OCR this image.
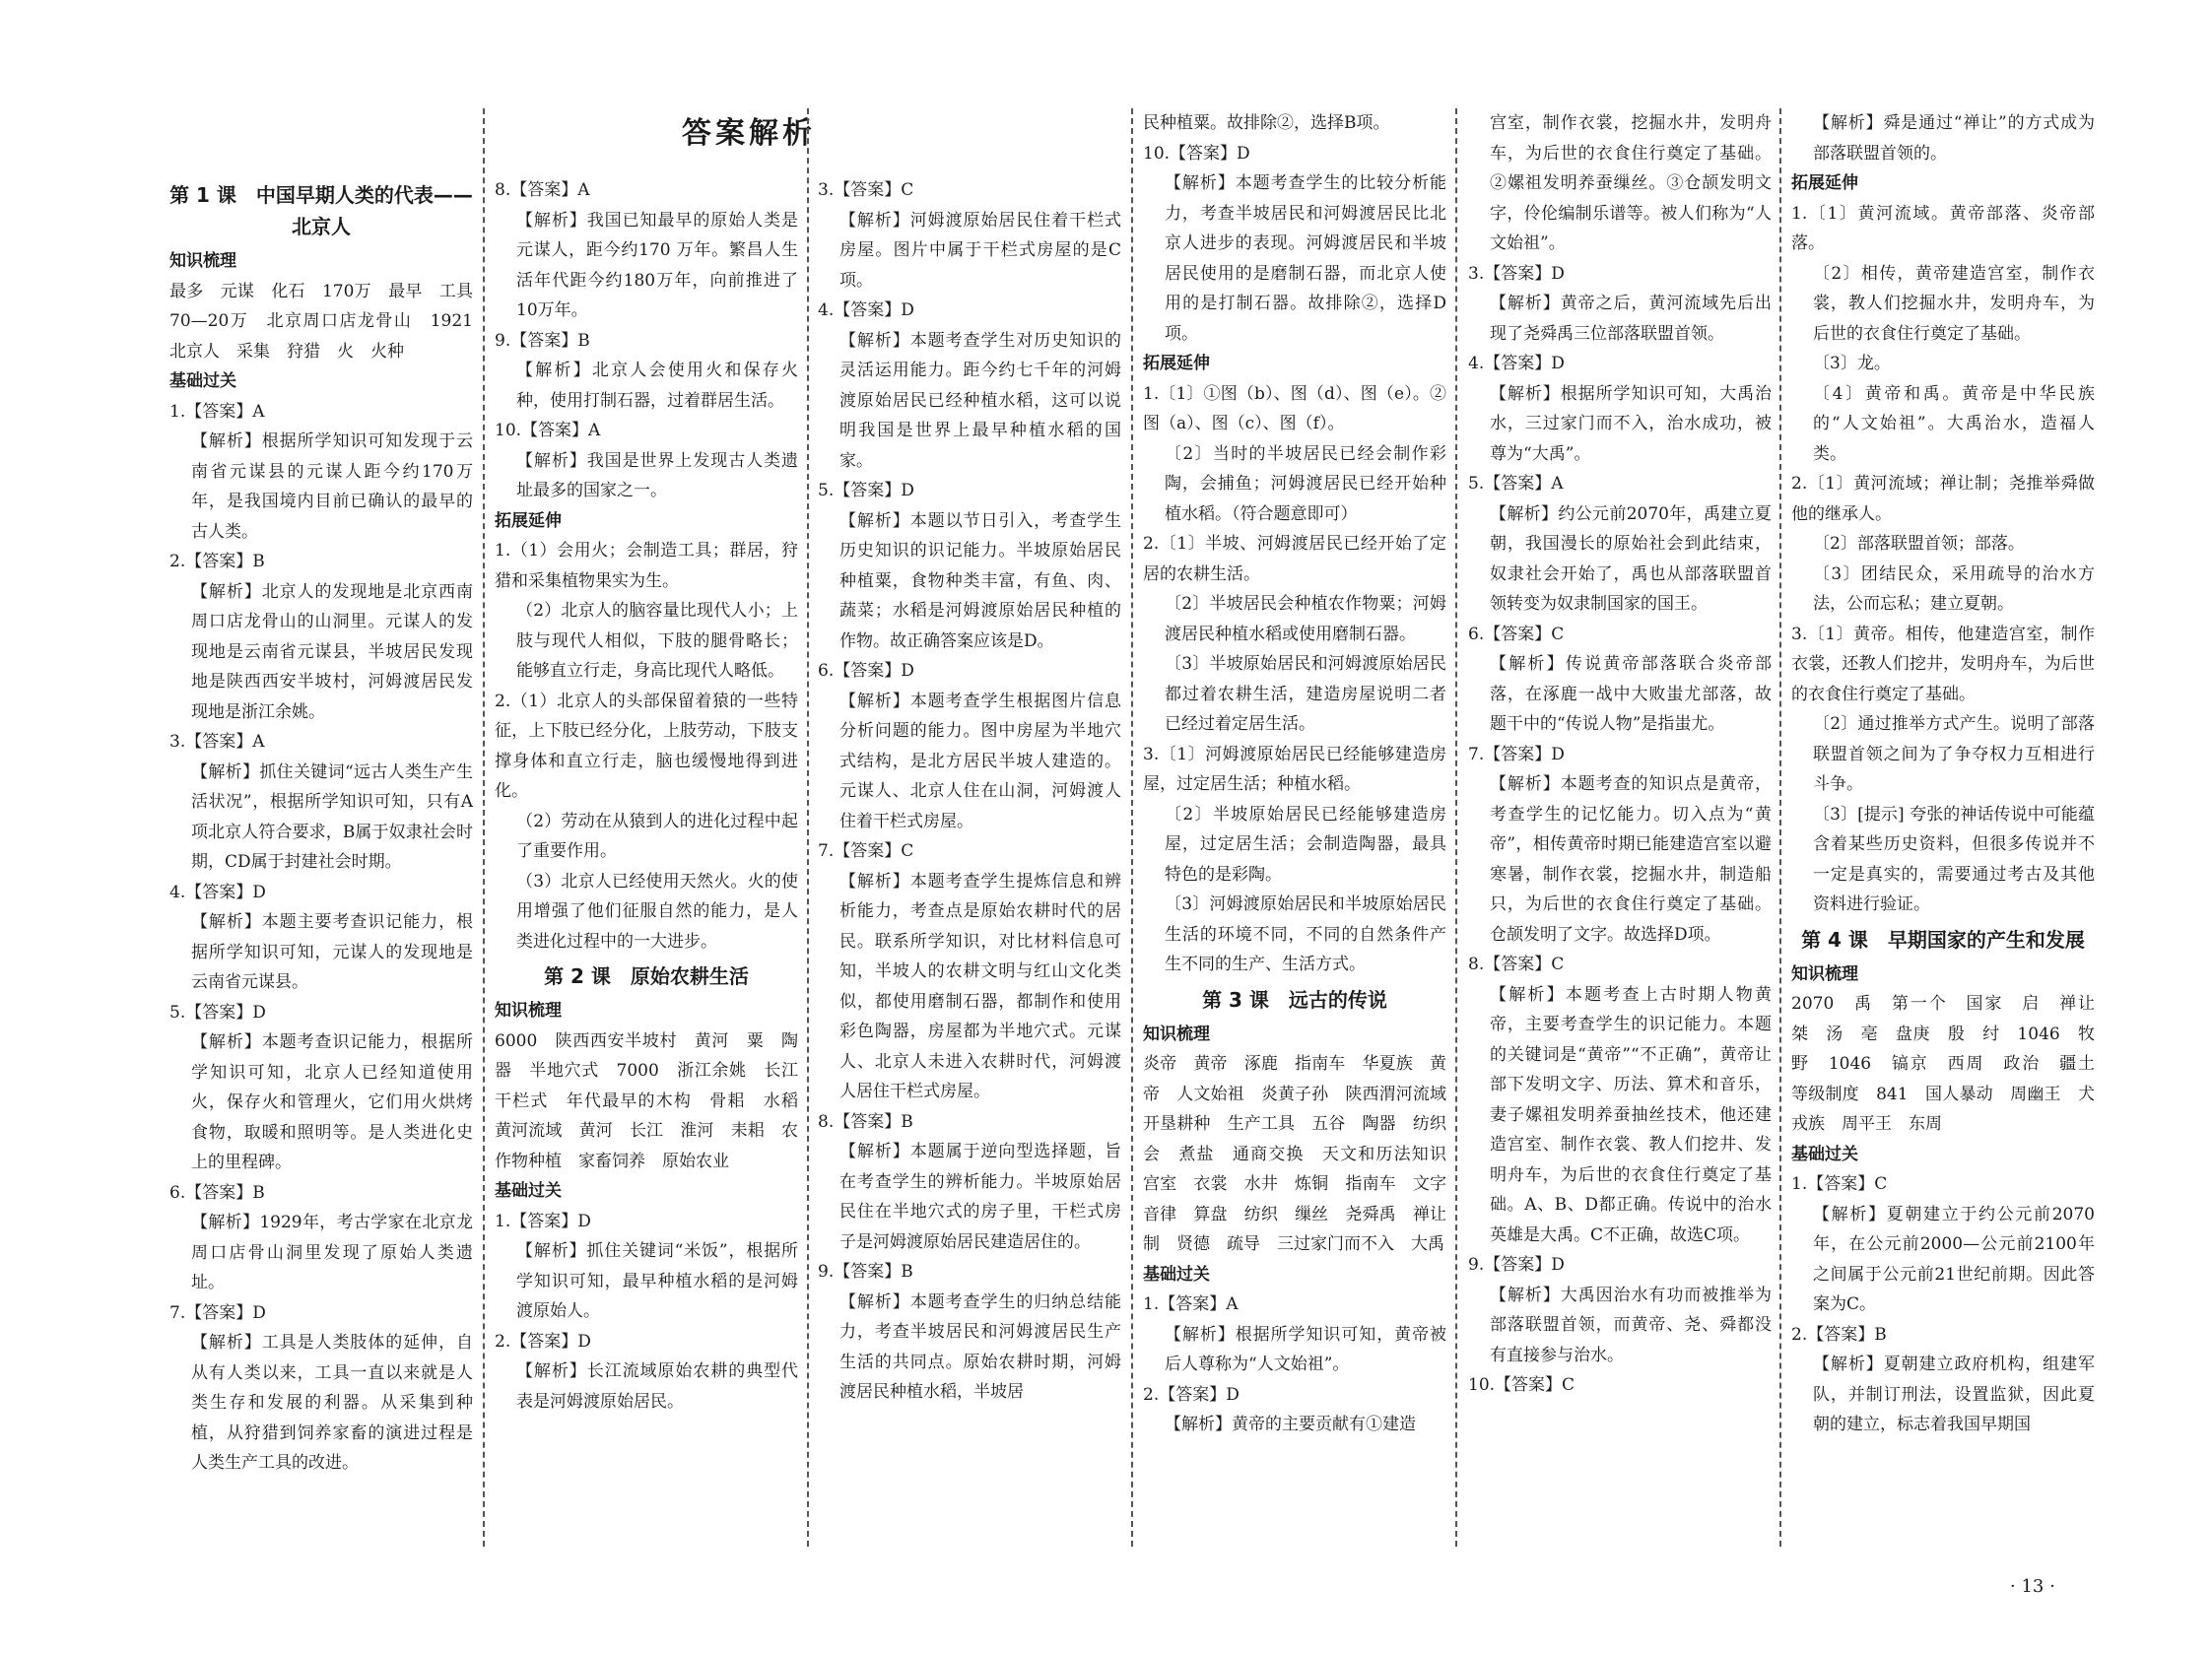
答案解析

第 1 课　中国早期人类的代表——北京人

知识梳理

最多　元谋　化石　170万　最早　工具　70—20万　北京周口店龙骨山　1921　北京人　采集　狩猎　火　火种

基础过关

1.【答案】A

【解析】根据所学知识可知发现于云南省元谋县的元谋人距今约170万年，是我国境内目前已确认的最早的古人类。

2.【答案】B

【解析】北京人的发现地是北京西南周口店龙骨山的山洞里。元谋人的发现地是云南省元谋县，半坡居民发现地是陕西西安半坡村，河姆渡居民发现地是浙江余姚。

3.【答案】A

【解析】抓住关键词“远古人类生产生活状况”，根据所学知识可知，只有A项北京人符合要求，B属于奴隶社会时期，CD属于封建社会时期。

4.【答案】D

【解析】本题主要考查识记能力，根据所学知识可知，元谋人的发现地是云南省元谋县。

5.【答案】D

【解析】本题考查识记能力，根据所学知识可知，北京人已经知道使用火，保存火和管理火，它们用火烘烤食物，取暖和照明等。是人类进化史上的里程碑。

6.【答案】B

【解析】1929年，考古学家在北京龙周口店骨山洞里发现了原始人类遗址。

7.【答案】D

【解析】工具是人类肢体的延伸，自从有人类以来，工具一直以来就是人类生存和发展的利器。从采集到种植，从狩猎到饲养家畜的演进过程是人类生产工具的改进。

8.【答案】A

【解析】我国已知最早的原始人类是元谋人，距今约170 万年。繁昌人生活年代距今约180万年，向前推进了10万年。

9.【答案】B

【解析】北京人会使用火和保存火种，使用打制石器，过着群居生活。

10.【答案】A

【解析】我国是世界上发现古人类遗址最多的国家之一。

拓展延伸

1.（1）会用火；会制造工具；群居，狩猎和采集植物果实为生。

（2）北京人的脑容量比现代人小；上肢与现代人相似，下肢的腿骨略长；能够直立行走，身高比现代人略低。

2.（1）北京人的头部保留着猿的一些特征，上下肢已经分化，上肢劳动，下肢支撑身体和直立行走，脑也缓慢地得到进化。

（2）劳动在从猿到人的进化过程中起了重要作用。

（3）北京人已经使用天然火。火的使用增强了他们征服自然的能力，是人类进化过程中的一大进步。

第 2 课　原始农耕生活

知识梳理

6000　陕西西安半坡村　黄河　粟　陶器　半地穴式　7000　浙江余姚　长江　干栏式　年代最早的木构　骨耜　水稻　黄河流域　黄河　长江　淮河　耒耜　农作物种植　家畜饲养　原始农业

基础过关

1.【答案】D

【解析】抓住关键词“米饭”，根据所学知识可知，最早种植水稻的是河姆渡原始人。

2.【答案】D

【解析】长江流域原始农耕的典型代表是河姆渡原始居民。

3.【答案】C

【解析】河姆渡原始居民住着干栏式房屋。图片中属于干栏式房屋的是C项。

4.【答案】D

【解析】本题考查学生对历史知识的灵活运用能力。距今约七千年的河姆渡原始居民已经种植水稻，这可以说明我国是世界上最早种植水稻的国家。

5.【答案】D

【解析】本题以节日引入，考查学生历史知识的识记能力。半坡原始居民种植粟，食物种类丰富，有鱼、肉、蔬菜；水稻是河姆渡原始居民种植的作物。故正确答案应该是D。

6.【答案】D

【解析】本题考查学生根据图片信息分析问题的能力。图中房屋为半地穴式结构，是北方居民半坡人建造的。元谋人、北京人住在山洞，河姆渡人住着干栏式房屋。

7.【答案】C

【解析】本题考查学生提炼信息和辨析能力，考查点是原始农耕时代的居民。联系所学知识，对比材料信息可知，半坡人的农耕文明与红山文化类似，都使用磨制石器，都制作和使用彩色陶器，房屋都为半地穴式。元谋人、北京人未进入农耕时代，河姆渡人居住干栏式房屋。

8.【答案】B

【解析】本题属于逆向型选择题，旨在考查学生的辨析能力。半坡原始居民住在半地穴式的房子里，干栏式房子是河姆渡原始居民建造居住的。

9.【答案】B

【解析】本题考查学生的归纳总结能力，考查半坡居民和河姆渡居民生产生活的共同点。原始农耕时期，河姆渡居民种植水稻，半坡居

民种植粟。故排除②，选择B项。

10.【答案】D

【解析】本题考查学生的比较分析能力，考查半坡居民和河姆渡居民比北京人进步的表现。河姆渡居民和半坡居民使用的是磨制石器，而北京人使用的是打制石器。故排除②，选择D项。

拓展延伸

1.〔1〕①图（b）、图（d）、图（e）。②图（a）、图（c）、图（f）。

〔2〕当时的半坡居民已经会制作彩陶，会捕鱼；河姆渡居民已经开始种植水稻。（符合题意即可）

2.〔1〕半坡、河姆渡居民已经开始了定居的农耕生活。

〔2〕半坡居民会种植农作物粟；河姆渡居民种植水稻或使用磨制石器。

〔3〕半坡原始居民和河姆渡原始居民都过着农耕生活，建造房屋说明二者已经过着定居生活。

3.〔1〕河姆渡原始居民已经能够建造房屋，过定居生活；种植水稻。

〔2〕半坡原始居民已经能够建造房屋，过定居生活；会制造陶器，最具特色的是彩陶。

〔3〕河姆渡原始居民和半坡原始居民生活的环境不同，不同的自然条件产生不同的生产、生活方式。

第 3 课　远古的传说

知识梳理

炎帝　黄帝　涿鹿　指南车　华夏族　黄帝　人文始祖　炎黄子孙　陕西渭河流域　开垦耕种　生产工具　五谷　陶器　纺织　会　煮盐　通商交换　天文和历法知识　宫室　衣裳　水井　炼铜　指南车　文字　音律　算盘　纺织　缫丝　尧舜禹　禅让制　贤德　疏导　三过家门而不入　大禹

基础过关

1.【答案】A

【解析】根据所学知识可知，黄帝被后人尊称为“人文始祖”。

2.【答案】D

【解析】黄帝的主要贡献有①建造

宫室，制作衣裳，挖掘水井，发明舟车，为后世的衣食住行奠定了基础。②嫘祖发明养蚕缫丝。③仓颉发明文字，伶伦编制乐谱等。被人们称为“人文始祖”。

3.【答案】D

【解析】黄帝之后，黄河流域先后出现了尧舜禹三位部落联盟首领。

4.【答案】D

【解析】根据所学知识可知，大禹治水，三过家门而不入，治水成功，被尊为“大禹”。

5.【答案】A

【解析】约公元前2070年，禹建立夏朝，我国漫长的原始社会到此结束，奴隶社会开始了，禹也从部落联盟首领转变为奴隶制国家的国王。

6.【答案】C

【解析】传说黄帝部落联合炎帝部落，在涿鹿一战中大败蚩尤部落，故题干中的“传说人物”是指蚩尤。

7.【答案】D

【解析】本题考查的知识点是黄帝，考查学生的记忆能力。切入点为“黄帝”，相传黄帝时期已能建造宫室以避寒暑，制作衣裳，挖掘水井，制造船只，为后世的衣食住行奠定了基础。仓颉发明了文字。故选择D项。

8.【答案】C

【解析】本题考查上古时期人物黄帝，主要考查学生的识记能力。本题的关键词是“黄帝”“不正确”，黄帝让部下发明文字、历法、算术和音乐，妻子嫘祖发明养蚕抽丝技术，他还建造宫室、制作衣裳、教人们挖井、发明舟车，为后世的衣食住行奠定了基础。A、B、D都正确。传说中的治水英雄是大禹。C不正确，故选C项。

9.【答案】D

【解析】大禹因治水有功而被推举为部落联盟首领，而黄帝、尧、舜都没有直接参与治水。

10.【答案】C

【解析】舜是通过“禅让”的方式成为部落联盟首领的。

拓展延伸

1.〔1〕黄河流域。黄帝部落、炎帝部落。

〔2〕相传，黄帝建造宫室，制作衣裳，教人们挖掘水井，发明舟车，为后世的衣食住行奠定了基础。

〔3〕龙。

〔4〕黄帝和禹。黄帝是中华民族的“人文始祖”。大禹治水，造福人类。

2.〔1〕黄河流域；禅让制；尧推举舜做他的继承人。

〔2〕部落联盟首领；部落。

〔3〕团结民众，采用疏导的治水方法，公而忘私；建立夏朝。

3.〔1〕黄帝。相传，他建造宫室，制作衣裳，还教人们挖井，发明舟车，为后世的衣食住行奠定了基础。

〔2〕通过推举方式产生。说明了部落联盟首领之间为了争夺权力互相进行斗争。

〔3〕[提示] 夸张的神话传说中可能蕴含着某些历史资料，但很多传说并不一定是真实的，需要通过考古及其他资料进行验证。

第 4 课　早期国家的产生和发展

知识梳理

2070　禹　第一个　国家　启　禅让　桀　汤　亳　盘庚　殷　纣　1046　牧野　1046　镐京　西周　政治　疆土　等级制度　841　国人暴动　周幽王　犬戎族　周平王　东周

基础过关

1.【答案】C

【解析】夏朝建立于约公元前2070年，在公元前2000—公元前2100年之间属于公元前21世纪前期。因此答案为C。

2.【答案】B

【解析】夏朝建立政府机构，组建军队，并制订刑法，设置监狱，因此夏朝的建立，标志着我国早期国

· 13 ·
